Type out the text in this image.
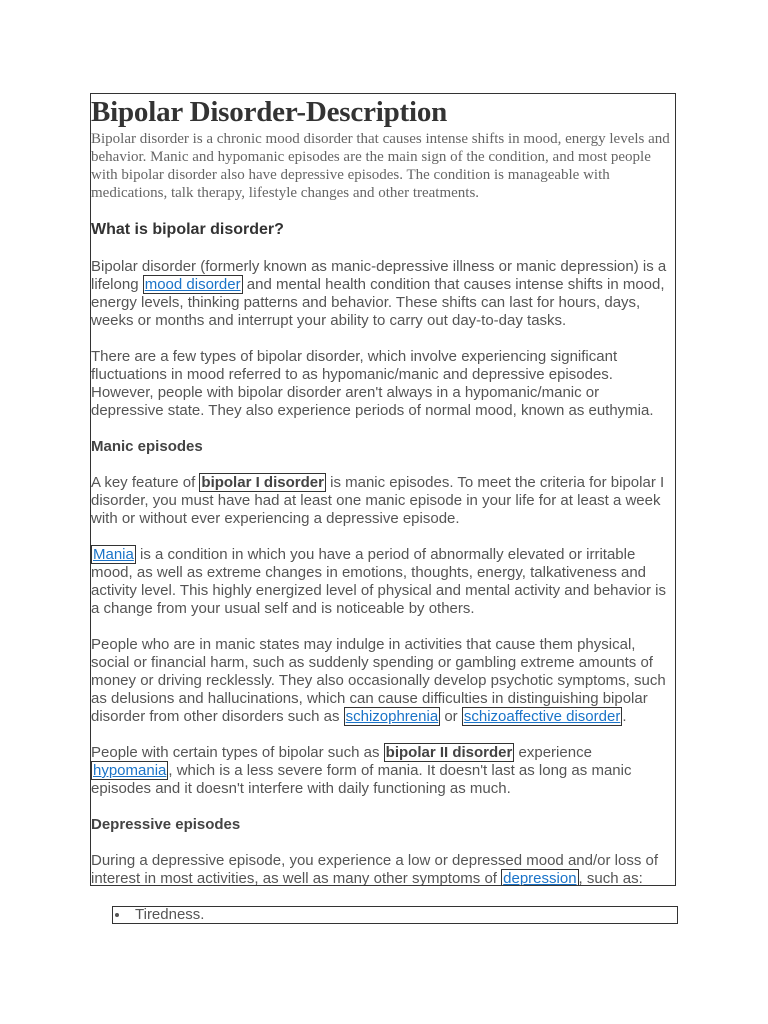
Bipolar Disorder-Description

Bipolar disorder is a chronic mood disorder that causes intense shifts in mood, energy levels and behavior. Manic and hypomanic episodes are the main sign of the condition, and most people with bipolar disorder also have depressive episodes. The condition is manageable with medications, talk therapy, lifestyle changes and other treatments.

What is bipolar disorder?

Bipolar disorder (formerly known as manic-depressive illness or manic depression) is a lifelong mood disorder and mental health condition that causes intense shifts in mood, energy levels, thinking patterns and behavior. These shifts can last for hours, days, weeks or months and interrupt your ability to carry out day-to-day tasks.

There are a few types of bipolar disorder, which involve experiencing significant fluctuations in mood referred to as hypomanic/manic and depressive episodes. However, people with bipolar disorder aren't always in a hypomanic/manic or depressive state. They also experience periods of normal mood, known as euthymia.

Manic episodes

A key feature of bipolar I disorder is manic episodes. To meet the criteria for bipolar I disorder, you must have had at least one manic episode in your life for at least a week with or without ever experiencing a depressive episode.

Mania is a condition in which you have a period of abnormally elevated or irritable mood, as well as extreme changes in emotions, thoughts, energy, talkativeness and activity level. This highly energized level of physical and mental activity and behavior is a change from your usual self and is noticeable by others.

People who are in manic states may indulge in activities that cause them physical, social or financial harm, such as suddenly spending or gambling extreme amounts of money or driving recklessly. They also occasionally develop psychotic symptoms, such as delusions and hallucinations, which can cause difficulties in distinguishing bipolar disorder from other disorders such as schizophrenia or schizoaffective disorder .

People with certain types of bipolar such as bipolar II disorder experience hypomania , which is a less severe form of mania. It doesn't last as long as manic episodes and it doesn't interfere with daily functioning as much.

Depressive episodes

During a depressive episode, you experience a low or depressed mood and/or loss of interest in most activities, as well as many other symptoms of depression , such as:

Tiredness.
